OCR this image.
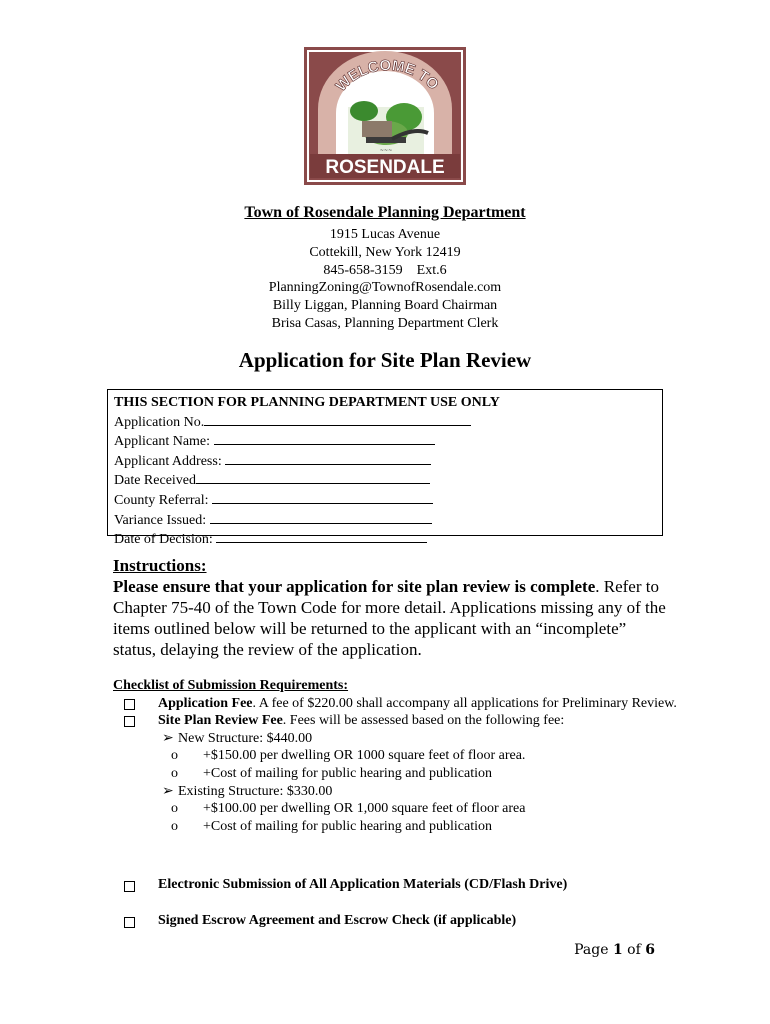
~~~
WELCOME TO
ROSENDALE
Town of Rosendale Planning Department
1915 Lucas Avenue
Cottekill, New York 12419
845-658-3159    Ext.6
PlanningZoning@TownofRosendale.com
Billy Liggan, Planning Board Chairman
Brisa Casas, Planning Department Clerk
Application for Site Plan Review
THIS SECTION FOR PLANNING DEPARTMENT USE ONLY
Application No.
Applicant Name:
Applicant Address:
Date Received
County Referral:
Variance Issued:
Date of Decision:
Instructions:
Please ensure that your application for site plan review is complete. Refer to Chapter 75-40 of the Town Code for more detail. Applications missing any of the items outlined below will be returned to the applicant with an “incomplete” status, delaying the review of the application.
Checklist of Submission Requirements:
Application Fee. A fee of $220.00 shall accompany all applications for Preliminary Review.
Site Plan Review Fee. Fees will be assessed based on the following fee:
➢ New Structure: $440.00
o +$150.00 per dwelling OR 1000 square feet of floor area.
o +Cost of mailing for public hearing and publication
➢ Existing Structure: $330.00
o +$100.00 per dwelling OR 1,000 square feet of floor area
o +Cost of mailing for public hearing and publication
Electronic Submission of All Application Materials (CD/Flash Drive)
Signed Escrow Agreement and Escrow Check (if applicable)
Page 1 of 6
